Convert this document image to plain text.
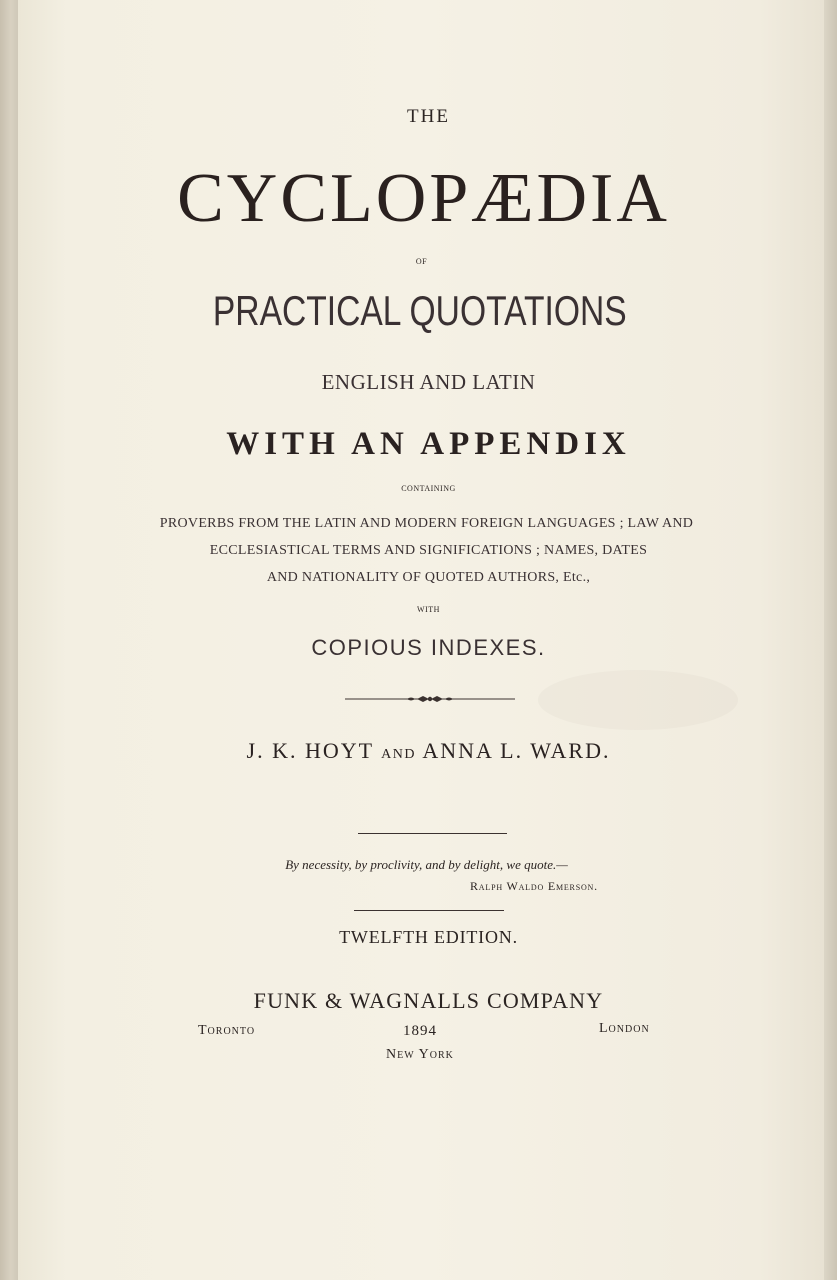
THE
CYCLOPÆDIA
OF
PRACTICAL QUOTATIONS
ENGLISH AND LATIN
WITH AN APPENDIX
CONTAINING
PROVERBS FROM THE LATIN AND MODERN FOREIGN LANGUAGES ; LAW AND
ECCLESIASTICAL TERMS AND SIGNIFICATIONS ; NAMES, DATES
AND NATIONALITY OF QUOTED AUTHORS, Etc.,
WITH
COPIOUS INDEXES.
J. K. HOYT AND ANNA L. WARD.
By necessity, by proclivity, and by delight, we quote.—
Ralph Waldo Emerson.
TWELFTH EDITION.
FUNK & WAGNALLS COMPANY
Toronto	1894	London
New York
